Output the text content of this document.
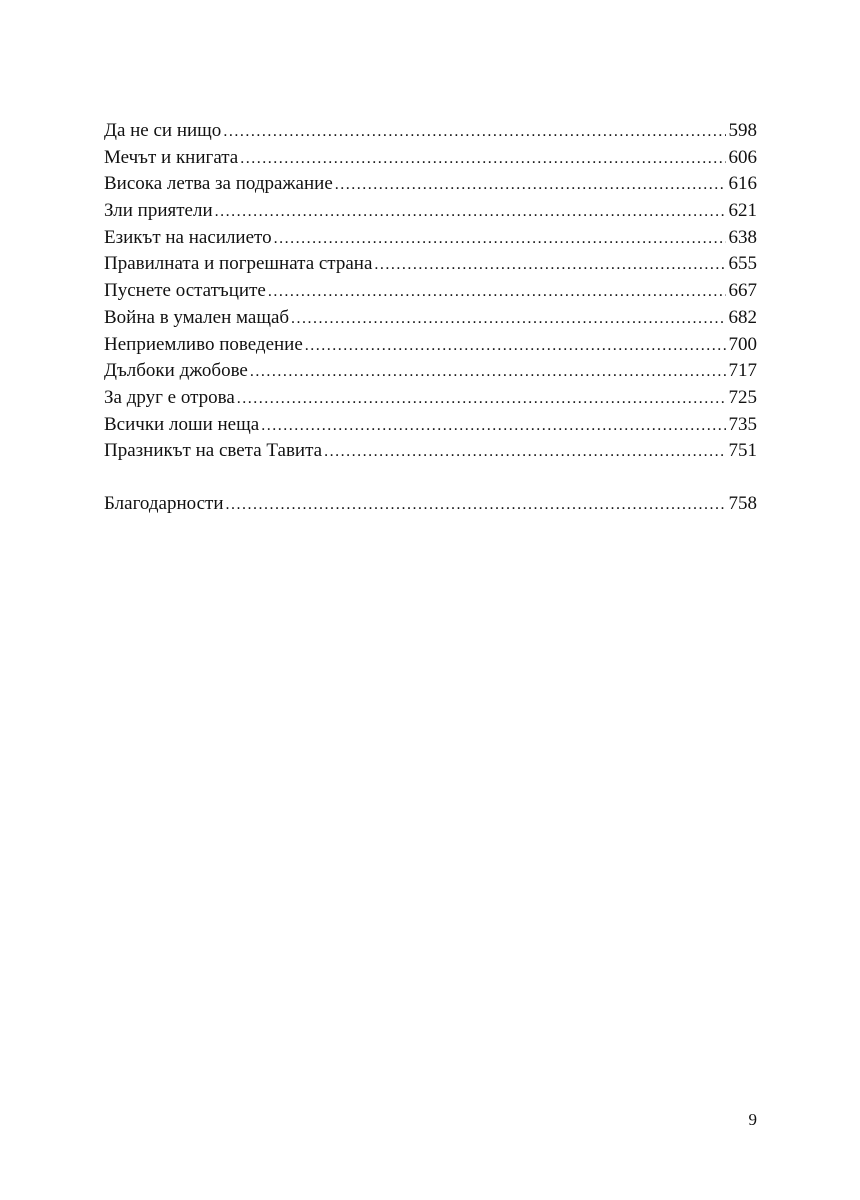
Да не си нищо .....	598
Мечът и книгата .....	606
Висока летва за подражание .....	616
Зли приятели .....	621
Езикът на насилието .....	638
Правилната и погрешната страна .....	655
Пуснете остатъците .....	667
Война в умален мащаб .....	682
Неприемливо поведение .....	700
Дълбоки джобове .....	717
За друг е отрова .....	725
Всички лоши неща .....	735
Празникът на света Тавита .....	751
Благодарности .....	758
9
